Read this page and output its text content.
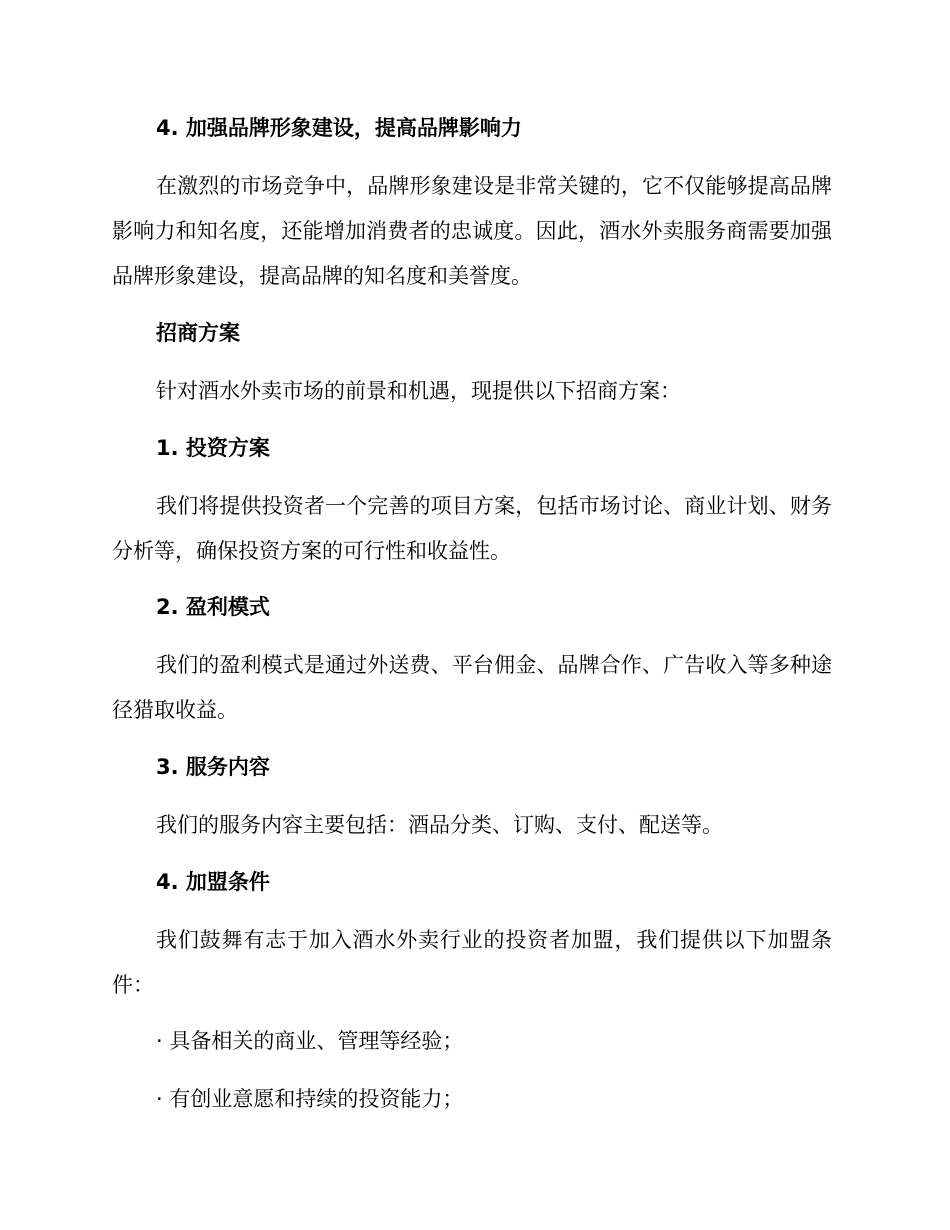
4. 加强品牌形象建设，提高品牌影响力

在激烈的市场竞争中，品牌形象建设是非常关键的，它不仅能够提高品牌影响力和知名度，还能增加消费者的忠诚度。因此，酒水外卖服务商需要加强品牌形象建设，提高品牌的知名度和美誉度。

招商方案

针对酒水外卖市场的前景和机遇，现提供以下招商方案：

1. 投资方案

我们将提供投资者一个完善的项目方案，包括市场讨论、商业计划、财务分析等，确保投资方案的可行性和收益性。

2. 盈利模式

我们的盈利模式是通过外送费、平台佣金、品牌合作、广告收入等多种途径猎取收益。

3. 服务内容

我们的服务内容主要包括：酒品分类、订购、支付、配送等。

4. 加盟条件

我们鼓舞有志于加入酒水外卖行业的投资者加盟，我们提供以下加盟条件：

· 具备相关的商业、管理等经验；

· 有创业意愿和持续的投资能力；
